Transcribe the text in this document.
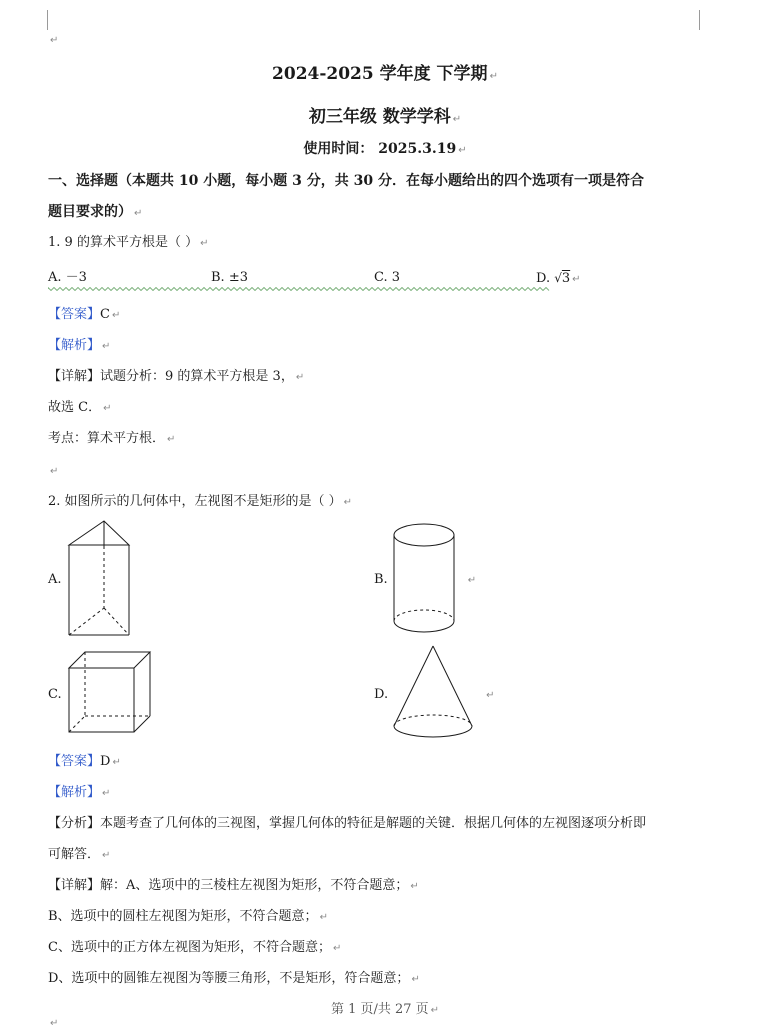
↵
2024-2025 学年度 下学期 ↵
初三年级 数学学科 ↵
使用时间： 2025.3.19 ↵
一、选择题（本题共 10 小题，每小题 3 分，共 30 分．在每小题给出的四个选项有一项是符合
题目要求的） ↵
1. 9 的算术平方根是（ ） ↵
A. －3	B. ±3	C. 3	D. √3 ↵
【答案】C ↵
【解析】 ↵
【详解】试题分析：9 的算术平方根是 3， ↵
故选 C． ↵
考点：算术平方根． ↵
↵
2. 如图所示的几何体中，左视图不是矩形的是（ ） ↵
A.	B.	↵
C.	D.	↵
【答案】D ↵
【解析】 ↵
【分析】本题考查了几何体的三视图，掌握几何体的特征是解题的关键．根据几何体的左视图逐项分析即
可解答． ↵
【详解】解：A、选项中的三棱柱左视图为矩形，不符合题意； ↵
B、选项中的圆柱左视图为矩形，不符合题意； ↵
C、选项中的正方体左视图为矩形，不符合题意； ↵
D、选项中的圆锥左视图为等腰三角形，不是矩形，符合题意； ↵
第 1 页/共 27 页 ↵
↵
